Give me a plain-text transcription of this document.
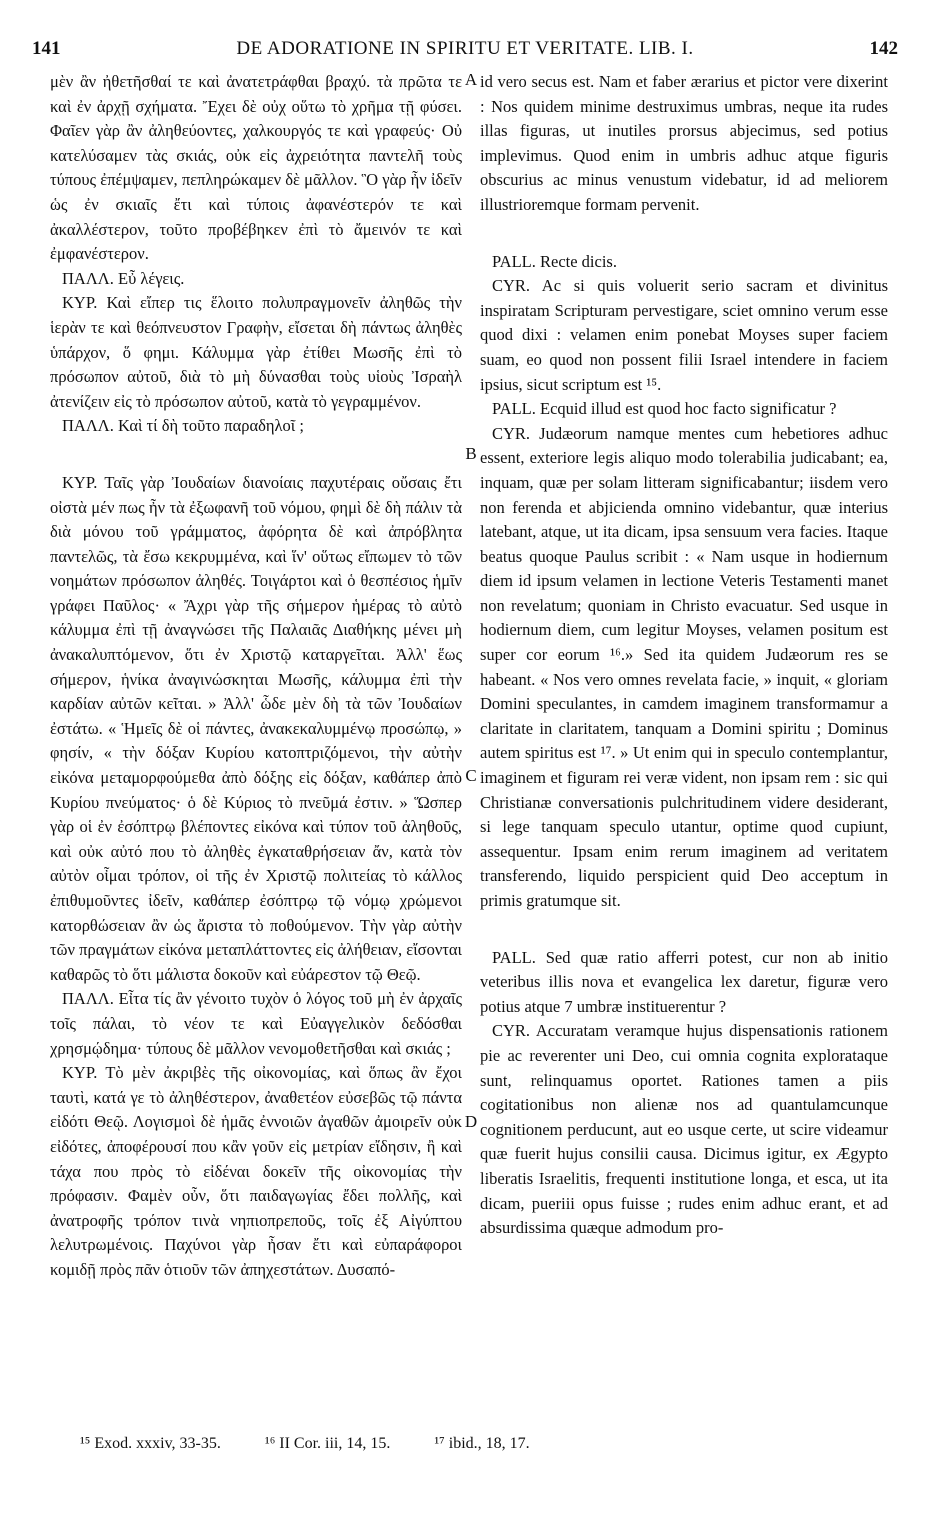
141	DE ADORATIONE IN SPIRITU ET VERITATE. LIB. I.	142

μὲν ἂν ἠθετῆσθαί τε καὶ ἀνατετράφθαι βραχύ. τὰ πρῶτα τε καὶ ἐν ἀρχῇ σχήματα. Ἔχει δὲ οὐχ οὕτω τὸ χρῆμα τῇ φύσει. Φαῖεν γὰρ ἂν ἀληθεύοντες, χαλκουργός τε καὶ γραφεύς· Οὐ κατελύσαμεν τὰς σκιάς, οὐκ εἰς ἀχρειότητα παντελῆ τοὺς τύπους ἐπέμψαμεν, πεπληρώκαμεν δὲ μᾶλλον. Ὃ γὰρ ἦν ἰδεῖν ὡς ἐν σκιαῖς ἔτι καὶ τύποις ἀφανέστερόν τε καὶ ἀκαλλέστερον, τοῦτο προβέβηκεν ἐπὶ τὸ ἄμεινόν τε καὶ ἐμφανέστερον.

ΠΑΛΛ. Εὖ λέγεις.

ΚΥΡ. Καὶ εἴπερ τις ἕλοιτο πολυπραγμονεῖν ἀληθῶς τὴν ἱερὰν τε καὶ θεόπνευστον Γραφὴν, εἴσεται δὴ πάντως ἀληθὲς ὑπάρχον, ὅ φημι. Κάλυμμα γὰρ ἐτίθει Μωσῆς ἐπὶ τὸ πρόσωπον αὐτοῦ, διὰ τὸ μὴ δύνασθαι τοὺς υἱοὺς Ἰσραὴλ ἀτενίζειν εἰς τὸ πρόσωπον αὐτοῦ, κατὰ τὸ γεγραμμένον.

ΠΑΛΛ. Καὶ τί δὴ τοῦτο παραδηλοῖ ;

ΚΥΡ. Ταῖς γὰρ Ἰουδαίων διανοίαις παχυτέραις οὔσαις ἔτι οἰστὰ μέν πως ἦν τὰ ἐξωφανῆ τοῦ νόμου, φημὶ δὲ δὴ πάλιν τὰ διὰ μόνου τοῦ γράμματος, ἀφόρητα δὲ καὶ ἀπρόβλητα παντελῶς, τὰ ἔσω κεκρυμμένα, καὶ ἵν' οὕτως εἴπωμεν τὸ τῶν νοημάτων πρόσωπον ἀληθές. Τοιγάρτοι καὶ ὁ θεσπέσιος ἡμῖν γράφει Παῦλος· « Ἄχρι γὰρ τῆς σήμερον ἡμέρας τὸ αὐτὸ κάλυμμα ἐπὶ τῇ ἀναγνώσει τῆς Παλαιᾶς Διαθήκης μένει μὴ ἀνακαλυπτόμενον, ὅτι ἐν Χριστῷ καταργεῖται. Ἀλλ' ἕως σήμερον, ἡνίκα ἀναγινώσκηται Μωσῆς, κάλυμμα ἐπὶ τὴν καρδίαν αὐτῶν κεῖται. » Ἀλλ' ὧδε μὲν δὴ τὰ τῶν Ἰουδαίων ἐστάτω. « Ἡμεῖς δὲ οἱ πάντες, ἀνακεκαλυμμένῳ προσώπῳ, » φησίν, « τὴν δόξαν Κυρίου κατοπτριζόμενοι, τὴν αὐτὴν εἰκόνα μεταμορφούμεθα ἀπὸ δόξης εἰς δόξαν, καθάπερ ἀπὸ Κυρίου πνεύματος· ὁ δὲ Κύριος τὸ πνεῦμά ἐστιν. » Ὥσπερ γὰρ οἱ ἐν ἐσόπτρῳ βλέποντες εἰκόνα καὶ τύπον τοῦ ἀληθοῦς, καὶ οὐκ αὐτό που τὸ ἀληθὲς ἐγκαταθρήσειαν ἄν, κατὰ τὸν αὐτὸν οἶμαι τρόπον, οἱ τῆς ἐν Χριστῷ πολιτείας τὸ κάλλος ἐπιθυμοῦντες ἰδεῖν, καθάπερ ἐσόπτρῳ τῷ νόμῳ χρώμενοι κατορθώσειαν ἂν ὡς ἄριστα τὸ ποθούμενον. Τὴν γὰρ αὐτὴν τῶν πραγμάτων εἰκόνα μεταπλάττοντες εἰς ἀλήθειαν, εἴσονται καθαρῶς τὸ ὅτι μάλιστα δοκοῦν καὶ εὐάρεστον τῷ Θεῷ.

ΠΑΛΛ. Εἶτα τίς ἂν γένοιτο τυχὸν ὁ λόγος τοῦ μὴ ἐν ἀρχαῖς τοῖς πάλαι, τὸ νέον τε καὶ Εὐαγγελικὸν δεδόσθαι χρησμῴδημα· τύπους δὲ μᾶλλον νενομοθετῆσθαι καὶ σκιάς ;

ΚΥΡ. Τὸ μὲν ἀκριβὲς τῆς οἰκονομίας, καὶ ὅπως ἂν ἔχοι ταυτὶ, κατά γε τὸ ἀληθέστερον, ἀναθετέον εὐσεβῶς τῷ πάντα εἰδότι Θεῷ. Λογισμοὶ δὲ ἡμᾶς ἐννοιῶν ἀγαθῶν ἀμοιρεῖν οὐκ εἰδότες, ἀποφέρουσί που κἂν γοῦν εἰς μετρίαν εἴδησιν, ἢ καὶ τάχα που πρὸς τὸ εἰδέναι δοκεῖν τῆς οἰκονομίας τὴν πρόφασιν. Φαμὲν οὖν, ὅτι παιδαγωγίας ἔδει πολλῆς, καὶ ἀνατροφῆς τρόπον τινὰ νηπιοπρεποῦς, τοῖς ἐξ Αἰγύπτου λελυτρωμένοις. Παχύνοι γὰρ ἦσαν ἔτι καὶ εὐπαράφοροι κομιδῇ πρὸς πᾶν ὁτιοῦν τῶν ἀπηχεστάτων. Δυσαπό-

A
B
C
D

id vero secus est. Nam et faber ærarius et pictor vere dixerint : Nos quidem minime destruximus umbras, neque ita rudes illas figuras, ut inutiles prorsus abjecimus, sed potius implevimus. Quod enim in umbris adhuc atque figuris obscurius ac minus venustum videbatur, id ad meliorem illustrioremque formam pervenit.

PALL. Recte dicis.

CYR. Ac si quis voluerit serio sacram et divinitus inspiratam Scripturam pervestigare, sciet omnino verum esse quod dixi : velamen enim ponebat Moyses super faciem suam, eo quod non possent filii Israel intendere in faciem ipsius, sicut scriptum est ¹⁵.

PALL. Ecquid illud est quod hoc facto significatur ?

CYR. Judæorum namque mentes cum hebetiores adhuc essent, exteriore legis aliquo modo tolerabilia judicabant; ea, inquam, quæ per solam litteram significabantur; iisdem vero non ferenda et abjicienda omnino videbantur, quæ interius latebant, atque, ut ita dicam, ipsa sensuum vera facies. Itaque beatus quoque Paulus scribit : « Nam usque in hodiernum diem id ipsum velamen in lectione Veteris Testamenti manet non revelatum; quoniam in Christo evacuatur. Sed usque in hodiernum diem, cum legitur Moyses, velamen positum est super cor eorum ¹⁶.» Sed ita quidem Judæorum res se habeant. « Nos vero omnes revelata facie, » inquit, « gloriam Domini speculantes, in camdem imaginem transformamur a claritate in claritatem, tanquam a Domini spiritu ; Dominus autem spiritus est ¹⁷. » Ut enim qui in speculo contemplantur, imaginem et figuram rei veræ vident, non ipsam rem : sic qui Christianæ conversationis pulchritudinem videre desiderant, si lege tanquam speculo utantur, optime quod cupiunt, assequentur. Ipsam enim rerum imaginem ad veritatem transferendo, liquido perspicient quid Deo acceptum in primis gratumque sit.

PALL. Sed quæ ratio afferri potest, cur non ab initio veteribus illis nova et evangelica lex daretur, figuræ vero potius atque 7 umbræ instituerentur ?

CYR. Accuratam veramque hujus dispensationis rationem pie ac reverenter uni Deo, cui omnia cognita explorataque sunt, relinquamus oportet. Rationes tamen a piis cogitationibus non alienæ nos ad quantulamcunque cognitionem perducunt, aut eo usque certe, ut scire videamur quæ fuerit hujus consilii causa. Dicimus igitur, ex Ægypto liberatis Israelitis, frequenti institutione longa, et esca, ut ita dicam, pueriii opus fuisse ; rudes enim adhuc erant, et ad absurdissima quæque admodum pro-

¹⁵ Exod. xxxiv, 33-35.	¹⁶ II Cor. iii, 14, 15.	¹⁷ ibid., 18, 17.
